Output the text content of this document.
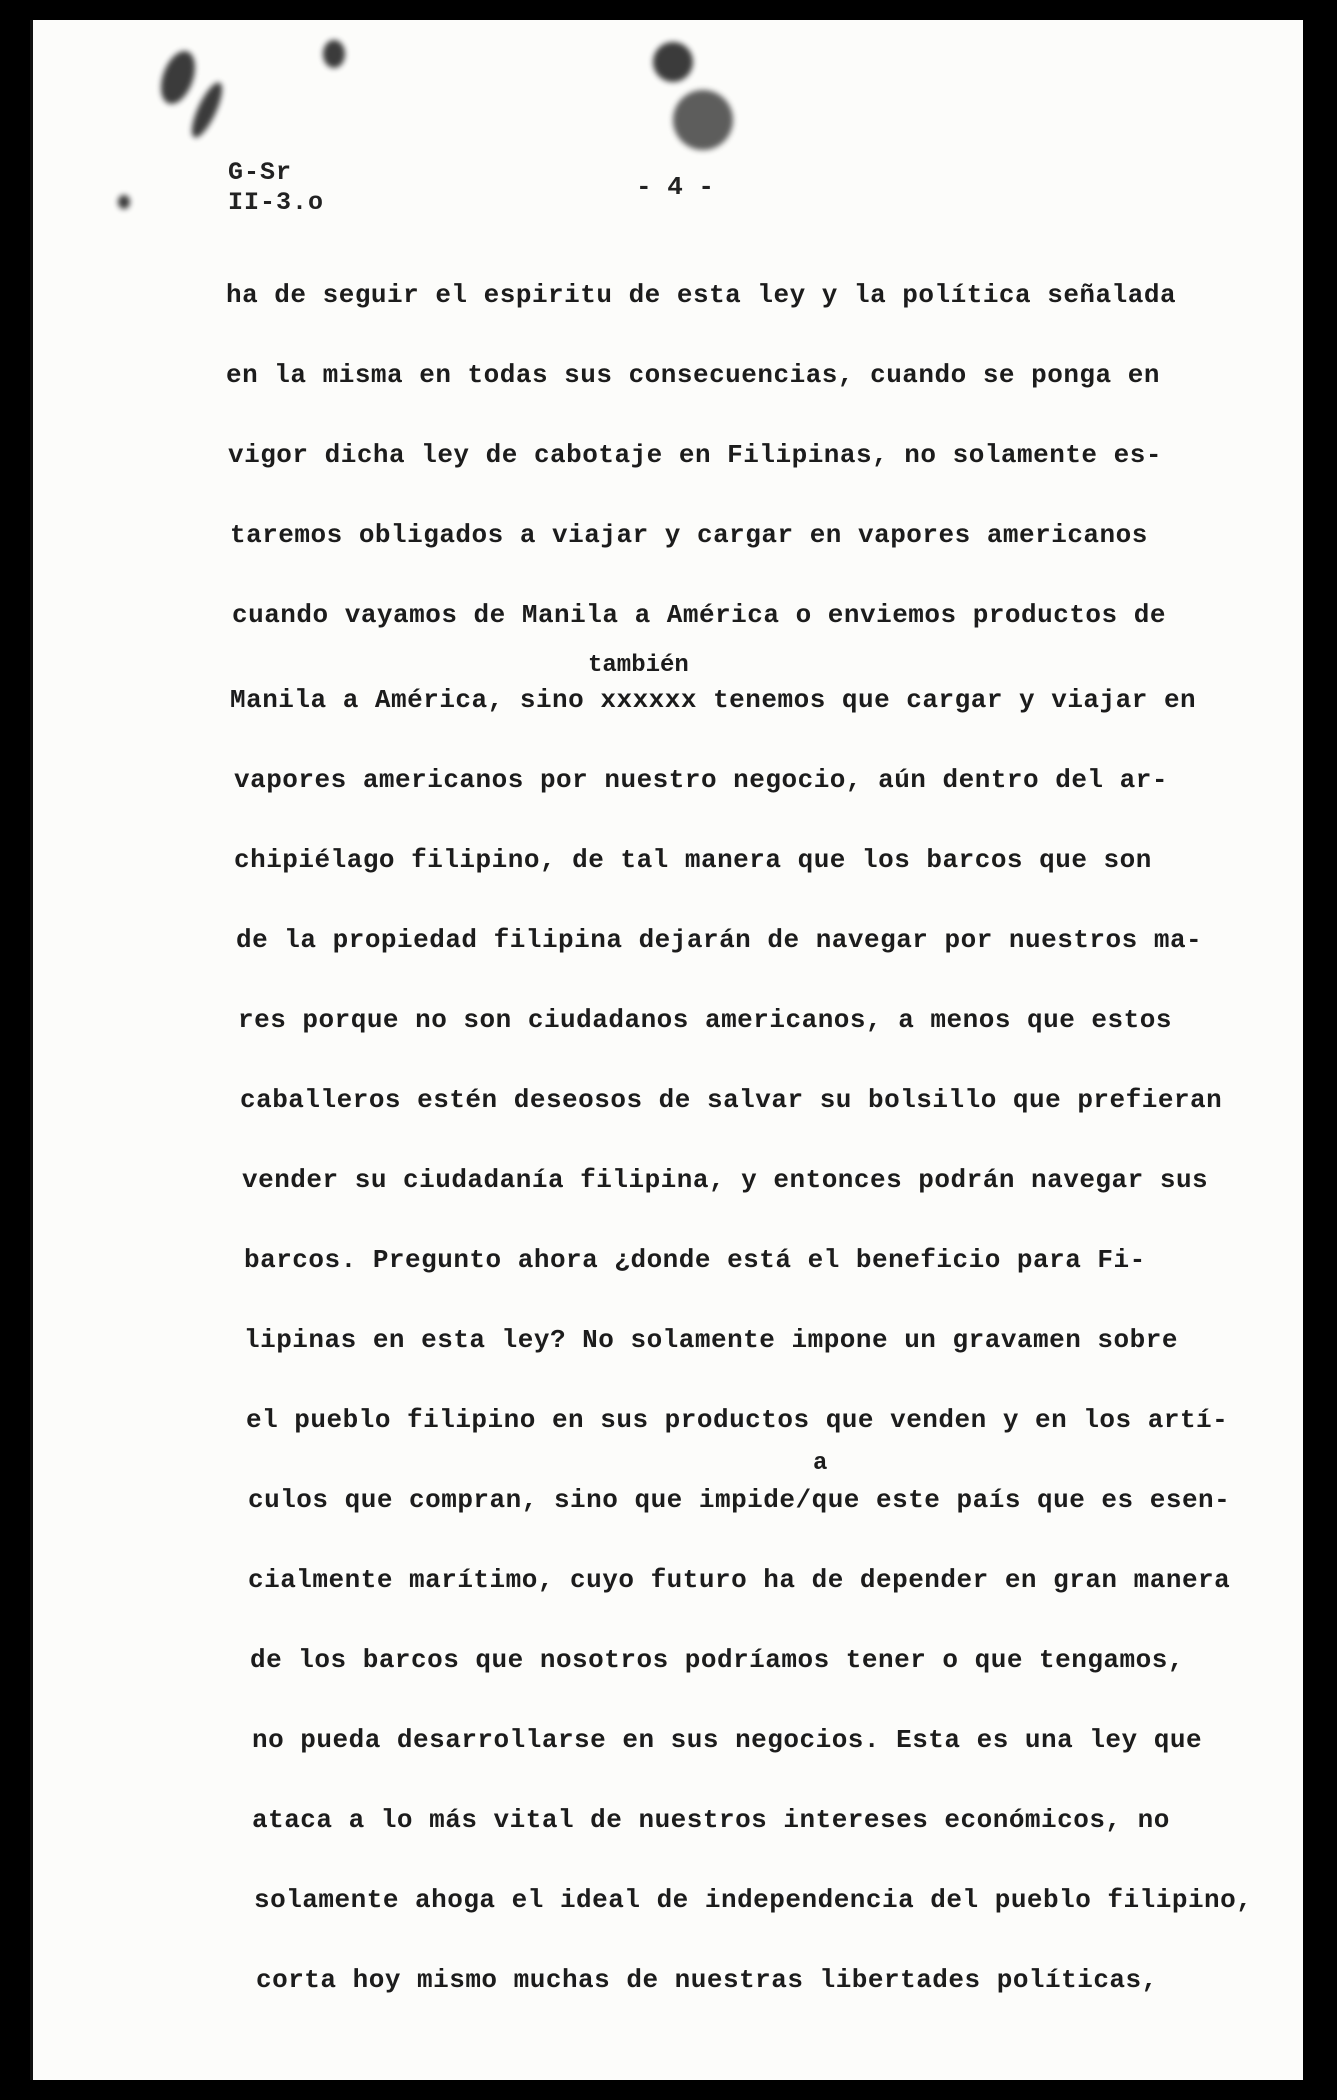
G-Sr
II-3.o
- 4 -
ha de seguir el espiritu de esta ley y la política señalada
en la misma en todas sus consecuencias, cuando se ponga en
vigor dicha ley de cabotaje en Filipinas, no solamente es-
taremos obligados a viajar y cargar en vapores americanos
cuando vayamos de Manila a América o enviemos productos de
también
Manila a América, sino xxxxxx tenemos que cargar y viajar en
vapores americanos por nuestro negocio, aún dentro del ar-
chipiélago filipino, de tal manera que los barcos que son
de la propiedad filipina dejarán de navegar por nuestros ma-
res porque no son ciudadanos americanos, a menos que estos
caballeros estén deseosos de salvar su bolsillo que prefieran
vender su ciudadanía filipina, y entonces podrán navegar sus
barcos. Pregunto ahora ¿donde está el beneficio para Fi-
lipinas en esta ley? No solamente impone un gravamen sobre
el pueblo filipino en sus productos que venden y en los artí-
a
culos que compran, sino que impide/que este país que es esen-
cialmente marítimo, cuyo futuro ha de depender en gran manera
de los barcos que nosotros podríamos tener o que tengamos,
no pueda desarrollarse en sus negocios. Esta es una ley que
ataca a lo más vital de nuestros intereses económicos, no
solamente ahoga el ideal de independencia del pueblo filipino,
corta hoy mismo muchas de nuestras libertades políticas,
